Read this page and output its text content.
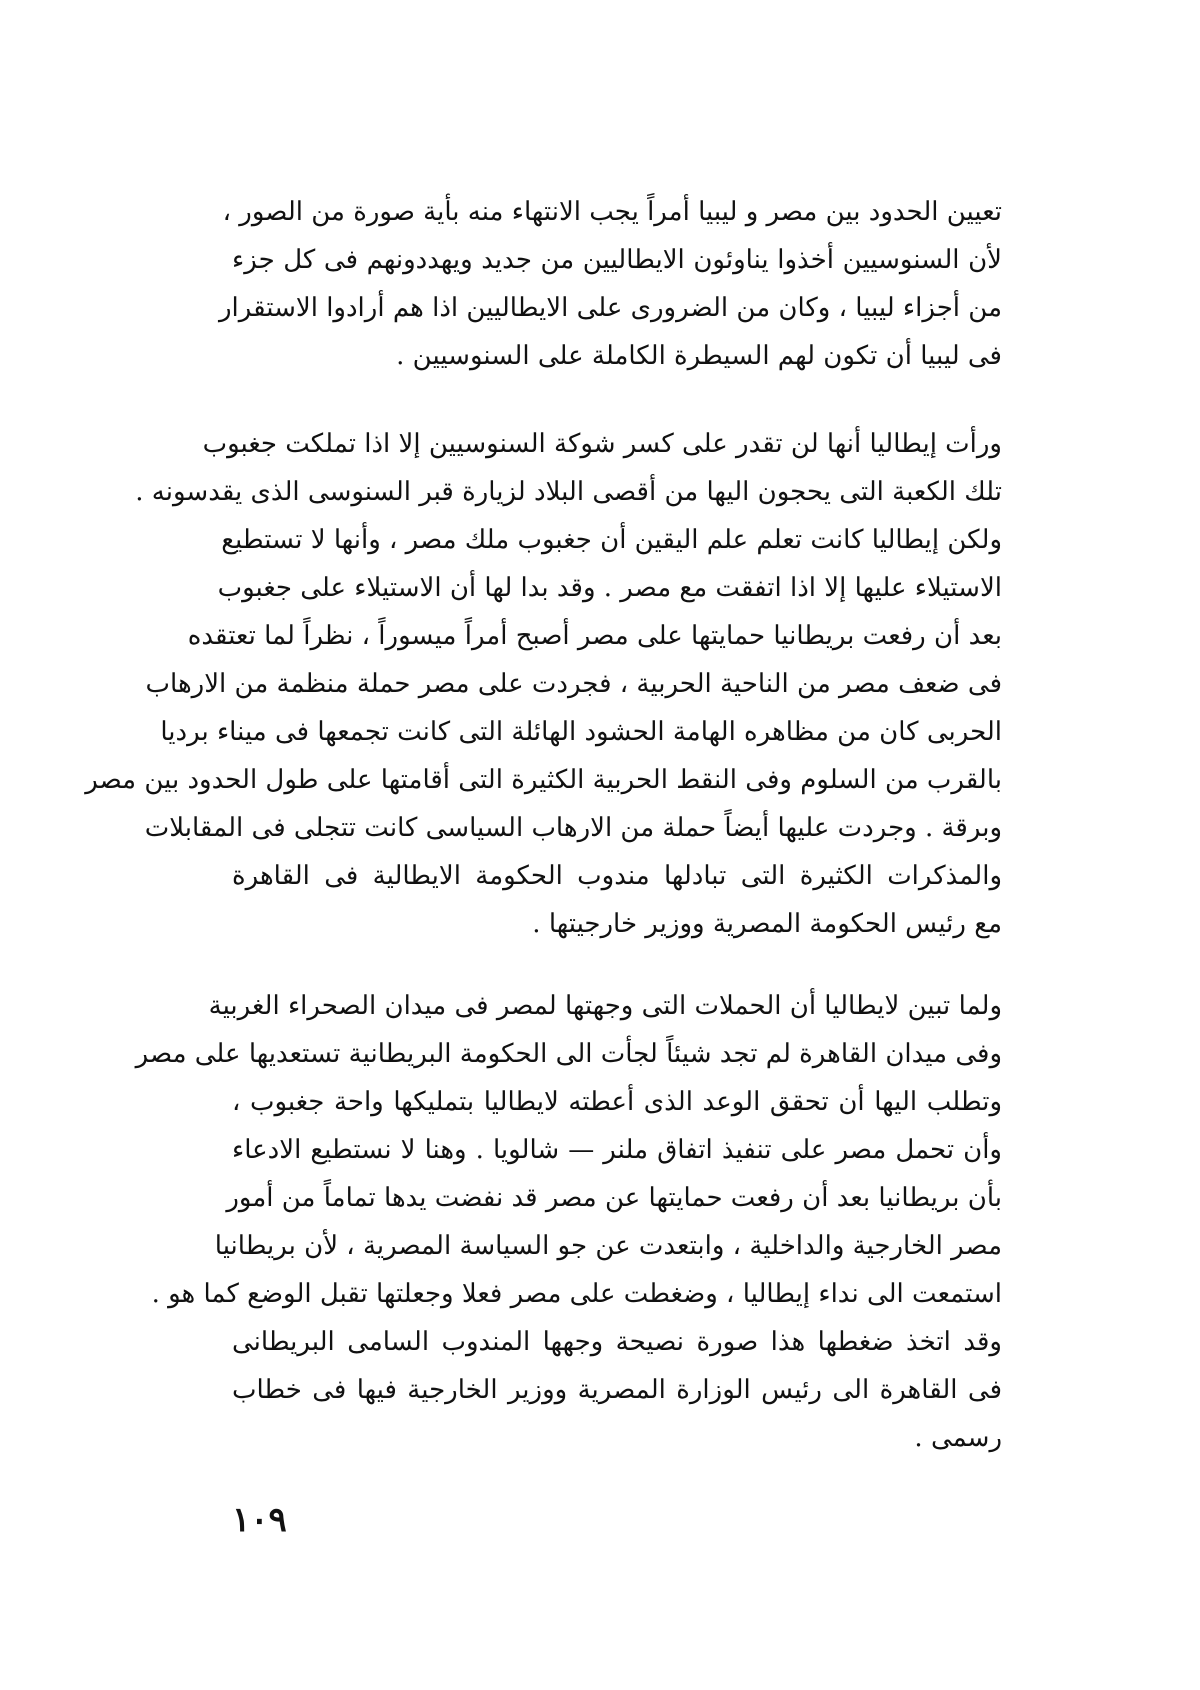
تعيين الحدود بين مصر و ليبيا أمراً يجب الانتهاء منه بأية صورة من الصور ،
لأن السنوسيين أخذوا يناوئون الايطاليين من جديد ويهددونهم فى كل جزء
من أجزاء ليبيا ، وكان من الضرورى على الايطاليين اذا هم أرادوا الاستقرار
فى ليبيا أن تكون لهم السيطرة الكاملة على السنوسيين .
ورأت إيطاليا أنها لن تقدر على كسر شوكة السنوسيين إلا اذا تملكت جغبوب
تلك الكعبة التى يحجون اليها من أقصى البلاد لزيارة قبر السنوسى الذى يقدسونه .
ولكن إيطاليا كانت تعلم علم اليقين أن جغبوب ملك مصر ، وأنها لا تستطيع
الاستيلاء عليها إلا اذا اتفقت مع مصر . وقد بدا لها أن الاستيلاء على جغبوب
بعد أن رفعت بريطانيا حمايتها على مصر أصبح أمراً ميسوراً ، نظراً لما تعتقده
فى ضعف مصر من الناحية الحربية ، فجردت على مصر حملة منظمة من الارهاب
الحربى كان من مظاهره الهامة الحشود الهائلة التى كانت تجمعها فى ميناء برديا
بالقرب من السلوم وفى النقط الحربية الكثيرة التى أقامتها على طول الحدود بين مصر
وبرقة . وجردت عليها أيضاً حملة من الارهاب السياسى كانت تتجلى فى المقابلات
والمذكرات الكثيرة التى تبادلها مندوب الحكومة الايطالية فى القاهرة
مع رئيس الحكومة المصرية ووزير خارجيتها .
ولما تبين لايطاليا أن الحملات التى وجهتها لمصر فى ميدان الصحراء الغربية
وفى ميدان القاهرة لم تجد شيئاً لجأت الى الحكومة البريطانية تستعديها على مصر
وتطلب اليها أن تحقق الوعد الذى أعطته لايطاليا بتمليكها واحة جغبوب ،
وأن تحمل مصر على تنفيذ اتفاق ملنر — شالويا . وهنا لا نستطيع الادعاء
بأن بريطانيا بعد أن رفعت حمايتها عن مصر قد نفضت يدها تماماً من أمور
مصر الخارجية والداخلية ، وابتعدت عن جو السياسة المصرية ، لأن بريطانيا
استمعت الى نداء إيطاليا ، وضغطت على مصر فعلا وجعلتها تقبل الوضع كما هو .
وقد اتخذ ضغطها هذا صورة نصيحة وجهها المندوب السامى البريطانى
فى القاهرة الى رئيس الوزارة المصرية ووزير الخارجية فيها فى خطاب
رسمى .
١٠٩
